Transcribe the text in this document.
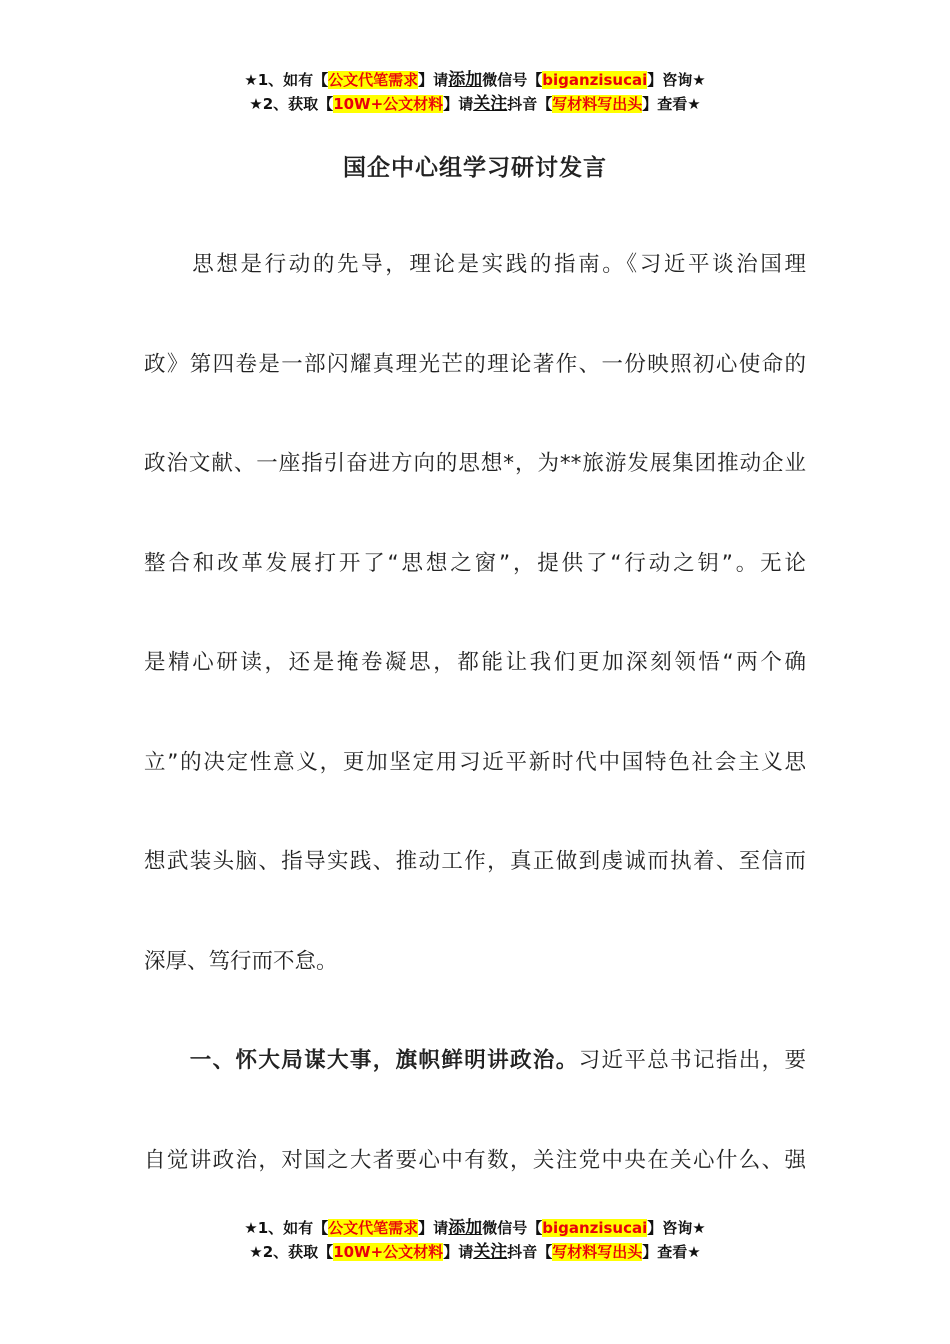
★1、如有【公文代笔需求】请添加微信号【biganzisucai】咨询★
★2、获取【10W+公文材料】请关注抖音【写材料写出头】查看★
国企中心组学习研讨发言
　　思想是行动的先导，理论是实践的指南。《习近平谈治国理
政》第四卷是一部闪耀真理光芒的理论著作、一份映照初心使命的
政治文献、一座指引奋进方向的思想*，为**旅游发展集团推动企业
整合和改革发展打开了“思想之窗”，提供了“行动之钥”。无论
是精心研读，还是掩卷凝思，都能让我们更加深刻领悟“两个确
立”的决定性意义，更加坚定用习近平新时代中国特色社会主义思
想武装头脑、指导实践、推动工作，真正做到虔诚而执着、至信而
深厚、笃行而不怠。
　　一、怀大局谋大事，旗帜鲜明讲政治。习近平总书记指出，要
自觉讲政治，对国之大者要心中有数，关注党中央在关心什么、强
★1、如有【公文代笔需求】请添加微信号【biganzisucai】咨询★
★2、获取【10W+公文材料】请关注抖音【写材料写出头】查看★
